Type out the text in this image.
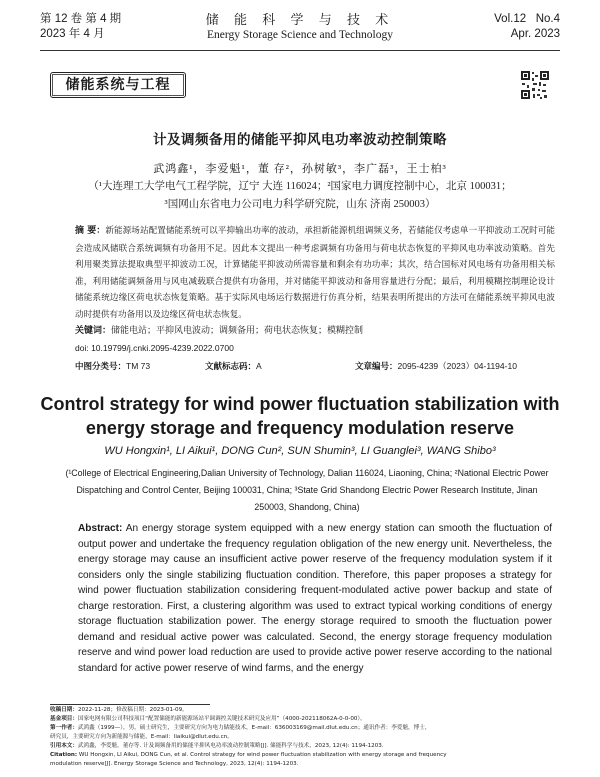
第 12 卷 第 4 期
2023 年 4 月
储 能 科 学 与 技 术
Energy Storage Science and Technology
Vol.12   No.4
Apr. 2023
储能系统与工程
计及调频备用的储能平抑风电功率波动控制策略
武鸿鑫¹，李爱魁¹，董 存²，孙树敏³，李广磊³，王士柏³
（¹大连理工大学电气工程学院，辽宁 大连 116024；²国家电力调度控制中心，北京 100031；
³国网山东省电力公司电力科学研究院，山东 济南 250003）
摘 要：新能源场站配置储能系统可以平抑输出功率的波动，承担新能源机组调频义务，若储能仅考虑单一平抑波动工况时可能会造成风储联合系统调频有功备用不足。因此本文提出一种考虑调频有功备用与荷电状态恢复的平抑风电功率波动策略。首先利用聚类算法提取典型平抑波动工况，计算储能平抑波动所需容量和剩余有功功率；其次，结合国标对风电场有功备用相关标准，利用储能调频备用与风电减载联合提供有功备用，并对储能平抑波动和备用容量进行分配；最后，利用模糊控制理论设计储能系统边缘区荷电状态恢复策略。基于实际风电场运行数据进行仿真分析，结果表明所提出的方法可在储能系统平抑风电波动时提供有功备用以及边缘区荷电状态恢复。
关键词：储能电站；平抑风电波动；调频备用；荷电状态恢复；模糊控制
doi: 10.19799/j.cnki.2095-4239.2022.0700
中图分类号：TM 73	文献标志码：A	文章编号：2095-4239（2023）04-1194-10
Control strategy for wind power fluctuation stabilization with energy storage and frequency modulation reserve
WU Hongxin¹, LI Aikui¹, DONG Cun², SUN Shumin³, LI Guanglei³, WANG Shibo³
(¹College of Electrical Engineering,Dalian University of Technology, Dalian 116024, Liaoning, China; ²National Electric Power Dispatching and Control Center, Beijing 100031, China; ³State Grid Shandong Electric Power Research Institute, Jinan 250003, Shandong, China)
Abstract: An energy storage system equipped with a new energy station can smooth the fluctuation of output power and undertake the frequency regulation obligation of the new energy unit. Nevertheless, the energy storage may cause an insufficient active power reserve of the frequency modulation system if it considers only the single stabilizing fluctuation condition. Therefore, this paper proposes a strategy for wind power fluctuation stabilization considering frequent-modulated active power backup and state of charge restoration. First, a clustering algorithm was used to extract typical working conditions of energy storage fluctuation stabilization power. The energy storage required to smooth the fluctuation power demand and residual active power was calculated. Second, the energy storage frequency modulation reserve and wind power load reduction are used to provide active power reserve according to the national standard for active power reserve of wind farms, and the energy
收稿日期：2022-11-28；修改稿日期：2023-01-09。
基金项目：国家电网有限公司科技项目“配置储能的新能源场站平调调控关键技术研究及应用”（4000-202118062A-0-0-00）。
第一作者：武鸿鑫（1999—），男，硕士研究生，主要研究方向为电力储能技术，E-mail：636003169@mail.dlut.edu.cn；通讯作者：李爱魁，博士，
研究员，主要研究方向为新能源与储能，E-mail：liaikui@dlut.edu.cn。
引用本文：武鸿鑫，李爱魁，董存等. 计及调频备用的储能平抑风电功率波动控制策略[J]. 储能科学与技术，2023, 12(4): 1194-1203.
Citation: WU Hongxin, LI Aikui, DONG Cun, et al. Control strategy for wind power fluctuation stabilization with energy storage and frequency
modulation reserve[J]. Energy Storage Science and Technology, 2023, 12(4): 1194-1203.
